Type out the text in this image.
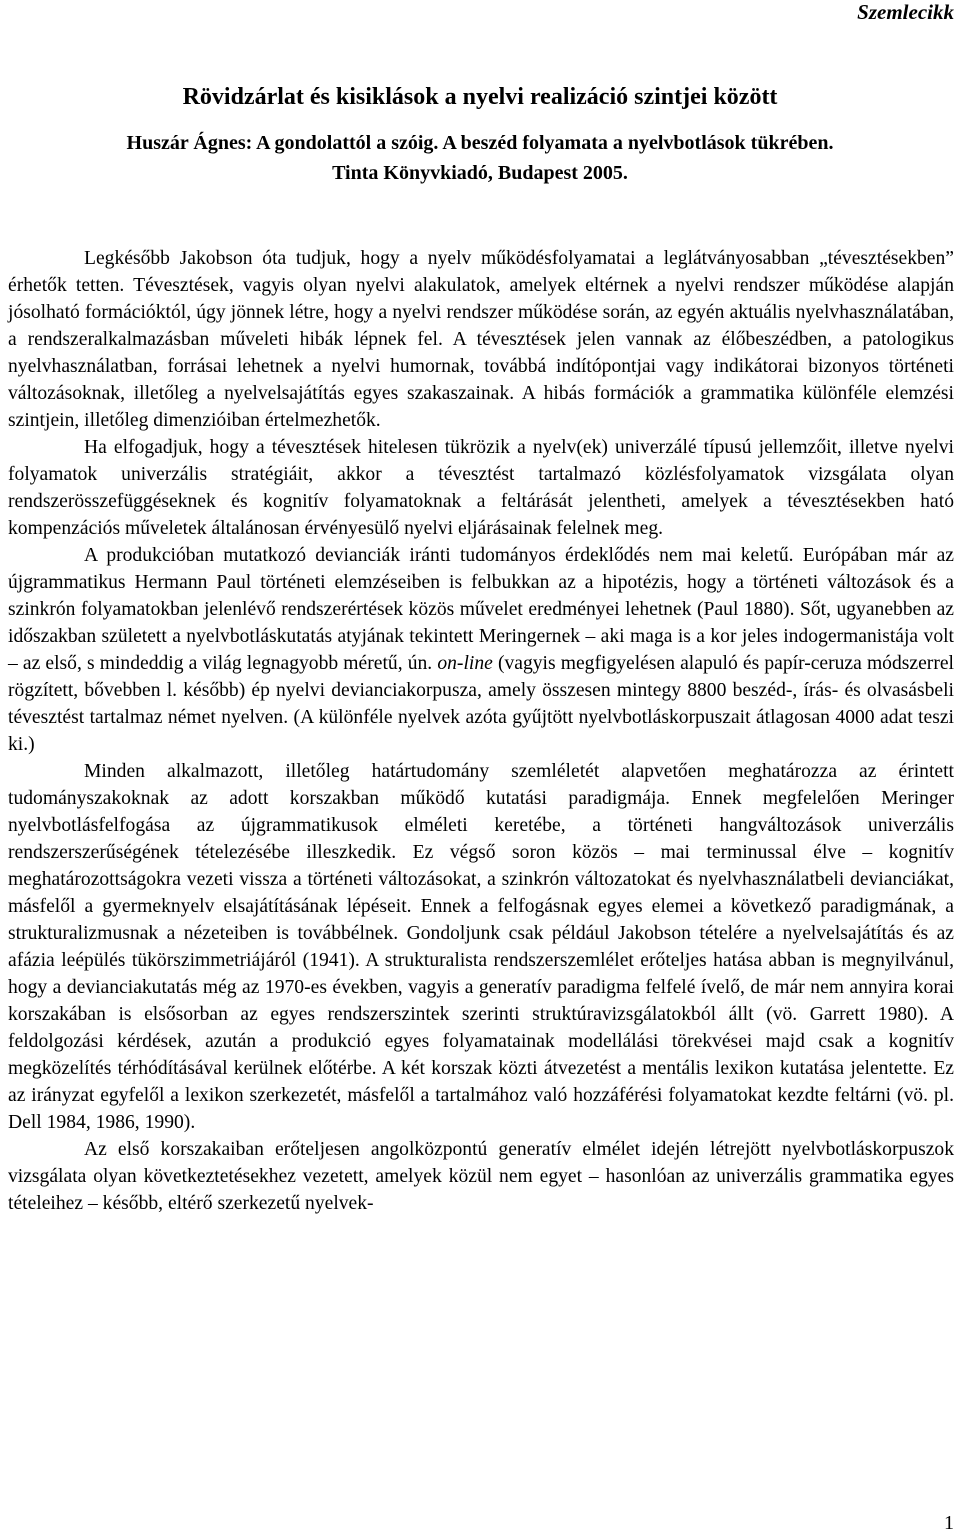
Szemlecikk
Rövidzárlat és kisiklások a nyelvi realizáció szintjei között
Huszár Ágnes: A gondolattól a szóig. A beszéd folyamata a nyelvbotlások tükrében.
Tinta Könyvkiadó, Budapest 2005.

Legkésőbb Jakobson óta tudjuk, hogy a nyelv működésfolyamatai a leglátványosabban „tévesztésekben” érhetők tetten. Tévesztések, vagyis olyan nyelvi alakulatok, amelyek eltérnek a nyelvi rendszer működése alapján jósolható formációktól, úgy jönnek létre, hogy a nyelvi rendszer működése során, az egyén aktuális nyelvhasználatában, a rendszeralkalmazásban műveleti hibák lépnek fel. A tévesztések jelen vannak az élőbeszédben, a patologikus nyelvhasználatban, forrásai lehetnek a nyelvi humornak, továbbá indítópontjai vagy indikátorai bizonyos történeti változásoknak, illetőleg a nyelvelsajátítás egyes szakaszainak. A hibás formációk a grammatika különféle elemzési szintjein, illetőleg dimenzióiban értelmezhetők.

Ha elfogadjuk, hogy a tévesztések hitelesen tükrözik a nyelv(ek) univerzálé típusú jellemzőit, illetve nyelvi folyamatok univerzális stratégiáit, akkor a tévesztést tartalmazó közlésfolyamatok vizsgálata olyan rendszerösszefüggéseknek és kognitív folyamatoknak a feltárását jelentheti, amelyek a tévesztésekben ható kompenzációs műveletek általánosan érvényesülő nyelvi eljárásainak felelnek meg.

A produkcióban mutatkozó devianciák iránti tudományos érdeklődés nem mai keletű. Európában már az újgrammatikus Hermann Paul történeti elemzéseiben is felbukkan az a hipotézis, hogy a történeti változások és a szinkrón folyamatokban jelenlévő rendszerértések közös művelet eredményei lehetnek (Paul 1880). Sőt, ugyanebben az időszakban született a nyelvbotláskutatás atyjának tekintett Meringernek – aki maga is a kor jeles indogermanistája volt – az első, s mindeddig a világ legnagyobb méretű, ún. on-line (vagyis megfigyelésen alapuló és papír-ceruza módszerrel rögzített, bővebben l. később) ép nyelvi devianciakorpusza, amely összesen mintegy 8800 beszéd-, írás- és olvasásbeli tévesztést tartalmaz német nyelven. (A különféle nyelvek azóta gyűjtött nyelvbotláskorpuszait átlagosan 4000 adat teszi ki.)

Minden alkalmazott, illetőleg határtudomány szemléletét alapvetően meghatározza az érintett tudományszakoknak az adott korszakban működő kutatási paradigmája. Ennek megfelelően Meringer nyelvbotlásfelfogása az újgrammatikusok elméleti keretébe, a történeti hangváltozások univerzális rendszerszerűségének tételezésébe illeszkedik. Ez végső soron közös – mai terminussal élve – kognitív meghatározottságokra vezeti vissza a történeti változásokat, a szinkrón változatokat és nyelvhasználatbeli devianciákat, másfelől a gyermeknyelv elsajátításának lépéseit. Ennek a felfogásnak egyes elemei a következő paradigmának, a strukturalizmusnak a nézeteiben is továbbélnek. Gondoljunk csak például Jakobson tételére a nyelvelsajátítás és az afázia leépülés tükörszimmetriájáról (1941). A strukturalista rendszerszemlélet erőteljes hatása abban is megnyilvánul, hogy a devianciakutatás még az 1970-es években, vagyis a generatív paradigma felfelé ívelő, de már nem annyira korai korszakában is elsősorban az egyes rendszerszintek szerinti struktúravizsgálatokból állt (vö. Garrett 1980). A feldolgozási kérdések, azután a produkció egyes folyamatainak modellálási törekvései majd csak a kognitív megközelítés térhódításával kerülnek előtérbe. A két korszak közti átvezetést a mentális lexikon kutatása jelentette. Ez az irányzat egyfelől a lexikon szerkezetét, másfelől a tartalmához való hozzáférési folyamatokat kezdte feltárni (vö. pl. Dell 1984, 1986, 1990).

Az első korszakaiban erőteljesen angolközpontú generatív elmélet idején létrejött nyelvbotláskorpuszok vizsgálata olyan következtetésekhez vezetett, amelyek közül nem egyet – hasonlóan az univerzális grammatika egyes tételeihez – később, eltérő szerkezetű nyelvek-

1
